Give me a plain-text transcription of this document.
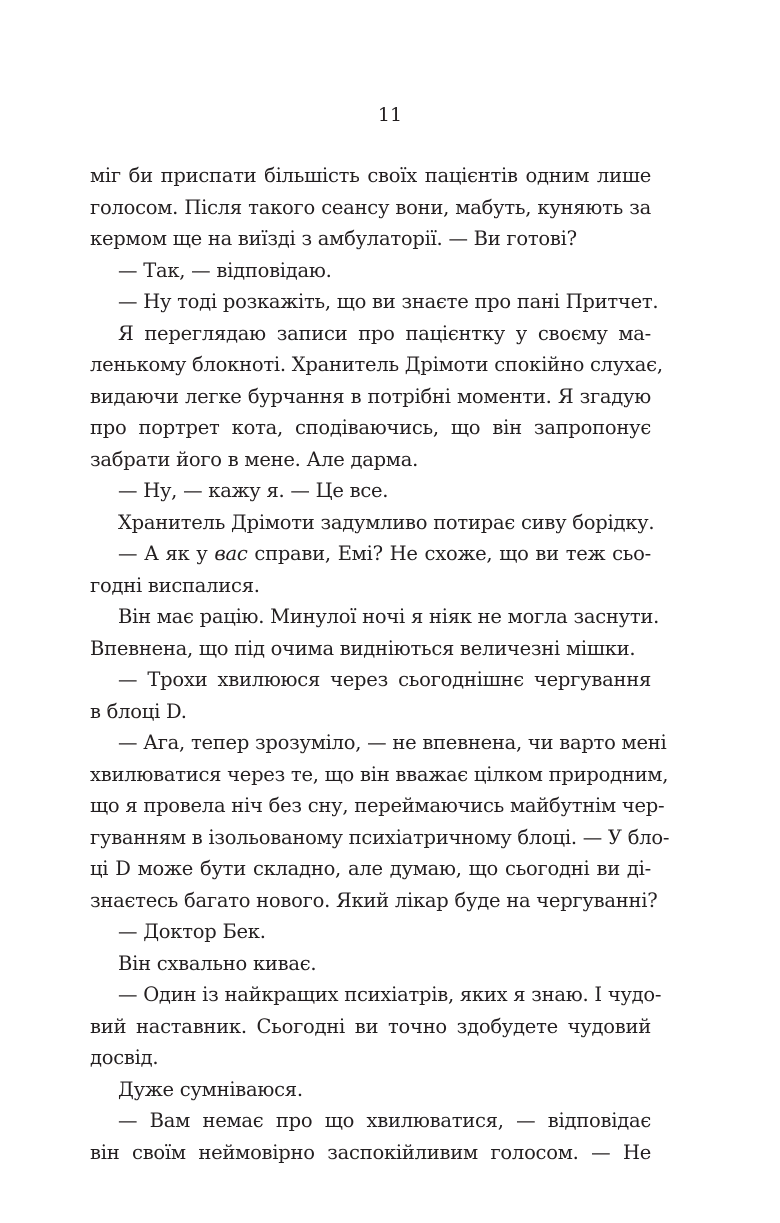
11
міг би приспати більшість своїх пацієнтів одним лише
голосом. Після такого сеансу вони, мабуть, куняють за
кермом ще на виїзді з амбулаторії. — Ви готові?
— Так, — відповідаю.
— Ну тоді розкажіть, що ви знаєте про пані Притчет.
Я переглядаю записи про пацієнтку у своєму ма-
ленькому блокноті. Хранитель Дрімоти спокійно слухає,
видаючи легке бурчання в потрібні моменти. Я згадую
про портрет кота, сподіваючись, що він запропонує
забрати його в мене. Але дарма.
— Ну, — кажу я. — Це все.
Хранитель Дрімоти задумливо потирає сиву борідку.
— А як у вас справи, Емі? Не схоже, що ви теж сьо-
годні виспалися.
Він має рацію. Минулої ночі я ніяк не могла заснути.
Впевнена, що під очима видніються величезні мішки.
— Трохи хвилююся через сьогоднішнє чергування
в блоці D.
— Ага, тепер зрозуміло, — не впевнена, чи варто мені
хвилюватися через те, що він вважає цілком природним,
що я провела ніч без сну, переймаючись майбутнім чер-
гуванням в ізольованому психіатричному блоці. — У бло-
ці D може бути складно, але думаю, що сьогодні ви ді-
знаєтесь багато нового. Який лікар буде на чергуванні?
— Доктор Бек.
Він схвально киває.
— Один із найкращих психіатрів, яких я знаю. І чудо-
вий наставник. Сьогодні ви точно здобудете чудовий
досвід.
Дуже сумніваюся.
— Вам немає про що хвилюватися, — відповідає
він своїм неймовірно заспокійливим голосом. — Не
